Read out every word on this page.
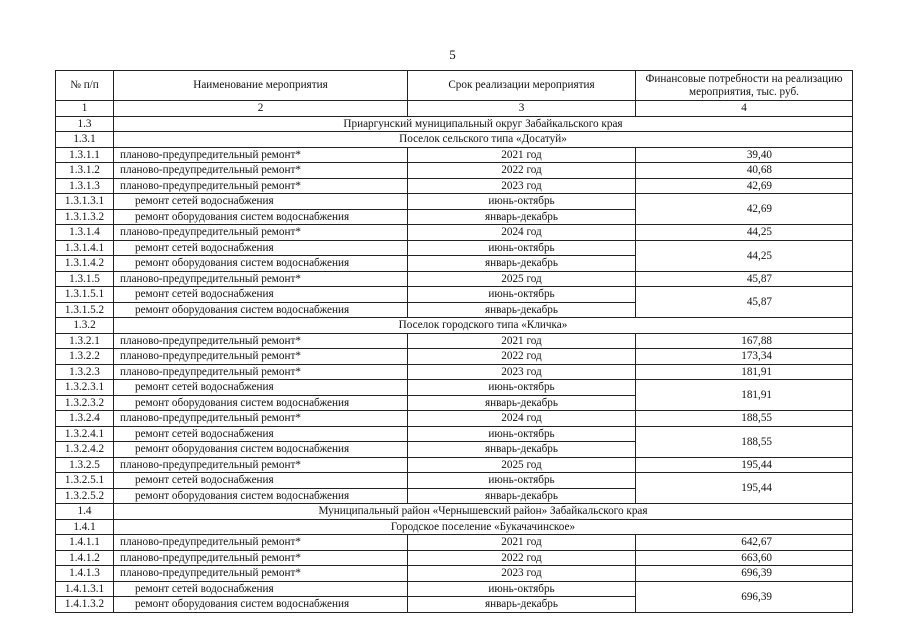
5
№ п/п	Наименование мероприятия	Срок реализации мероприятия	Финансовые потребности на реализацию мероприятия, тыс. руб.
1	2	3	4
1.3	Приаргунский муниципальный округ Забайкальского края		
1.3.1	Поселок сельского типа «Досатуй»		
1.3.1.1	планово-предупредительный ремонт*	2021 год	39,40
1.3.1.2	планово-предупредительный ремонт*	2022 год	40,68
1.3.1.3	планово-предупредительный ремонт*	2023 год	42,69
1.3.1.3.1	ремонт сетей водоснабжения	июнь-октябрь	42,69
1.3.1.3.2	ремонт оборудования систем водоснабжения	январь-декабрь	
1.3.1.4	планово-предупредительный ремонт*	2024 год	44,25
1.3.1.4.1	ремонт сетей водоснабжения	июнь-октябрь	44,25
1.3.1.4.2	ремонт оборудования систем водоснабжения	январь-декабрь	
1.3.1.5	планово-предупредительный ремонт*	2025 год	45,87
1.3.1.5.1	ремонт сетей водоснабжения	июнь-октябрь	45,87
1.3.1.5.2	ремонт оборудования систем водоснабжения	январь-декабрь	
1.3.2	Поселок городского типа «Кличка»		
1.3.2.1	планово-предупредительный ремонт*	2021 год	167,88
1.3.2.2	планово-предупредительный ремонт*	2022 год	173,34
1.3.2.3	планово-предупредительный ремонт*	2023 год	181,91
1.3.2.3.1	ремонт сетей водоснабжения	июнь-октябрь	181,91
1.3.2.3.2	ремонт оборудования систем водоснабжения	январь-декабрь	
1.3.2.4	планово-предупредительный ремонт*	2024 год	188,55
1.3.2.4.1	ремонт сетей водоснабжения	июнь-октябрь	188,55
1.3.2.4.2	ремонт оборудования систем водоснабжения	январь-декабрь	
1.3.2.5	планово-предупредительный ремонт*	2025 год	195,44
1.3.2.5.1	ремонт сетей водоснабжения	июнь-октябрь	195,44
1.3.2.5.2	ремонт оборудования систем водоснабжения	январь-декабрь	
1.4	Муниципальный район «Чернышевский район» Забайкальского края		
1.4.1	Городское поселение «Букачачинское»		
1.4.1.1	планово-предупредительный ремонт*	2021 год	642,67
1.4.1.2	планово-предупредительный ремонт*	2022 год	663,60
1.4.1.3	планово-предупредительный ремонт*	2023 год	696,39
1.4.1.3.1	ремонт сетей водоснабжения	июнь-октябрь	696,39
1.4.1.3.2	ремонт оборудования систем водоснабжения	январь-декабрь	
